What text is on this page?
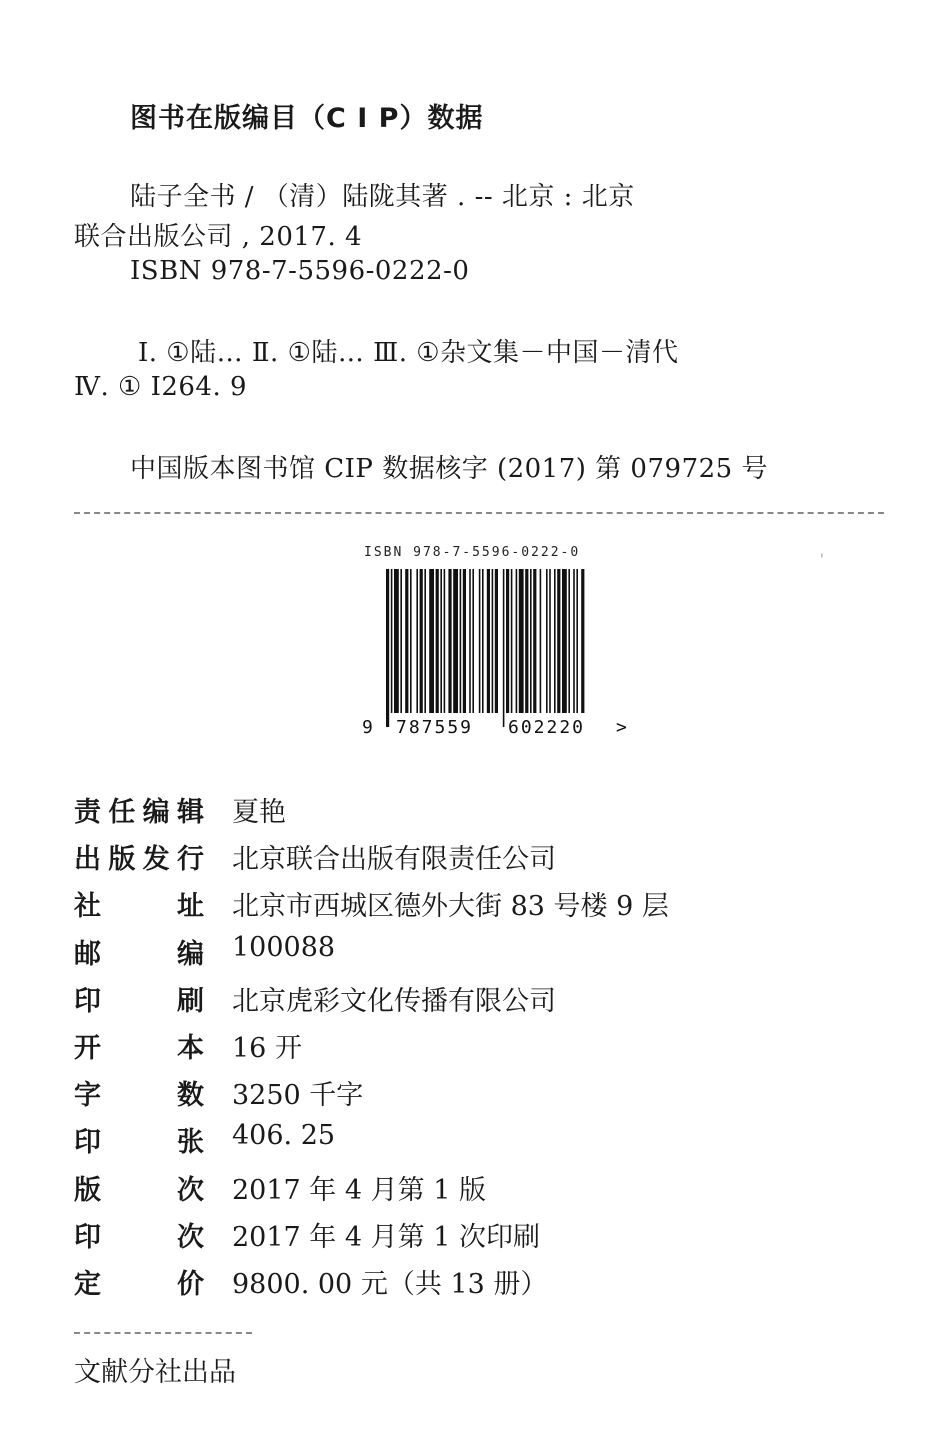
图书在版编目（C I P）数据
陆子全书 / （清）陆陇其著 . -- 北京 : 北京
联合出版公司 , 2017. 4
ISBN 978-7-5596-0222-0
Ⅰ. ①陆… Ⅱ. ①陆… Ⅲ. ①杂文集－中国－清代
Ⅳ. ① I264. 9
中国版本图书馆 CIP 数据核字 (2017) 第 079725 号
ISBN 978-7-5596-0222-0
9 787559 602220 >
责 任 编 辑 夏艳
出 版 发 行 北京联合出版有限责任公司
社	址 北京市西城区德外大街 83 号楼 9 层
邮	编 100088
印	刷 北京虎彩文化传播有限公司
开	本 16 开
字	数 3250 千字
印	张 406. 25
版	次 2017 年 4 月第 1 版
印	次 2017 年 4 月第 1 次印刷
定	价 9800. 00 元（共 13 册）
文献分社出品
ꞌ
